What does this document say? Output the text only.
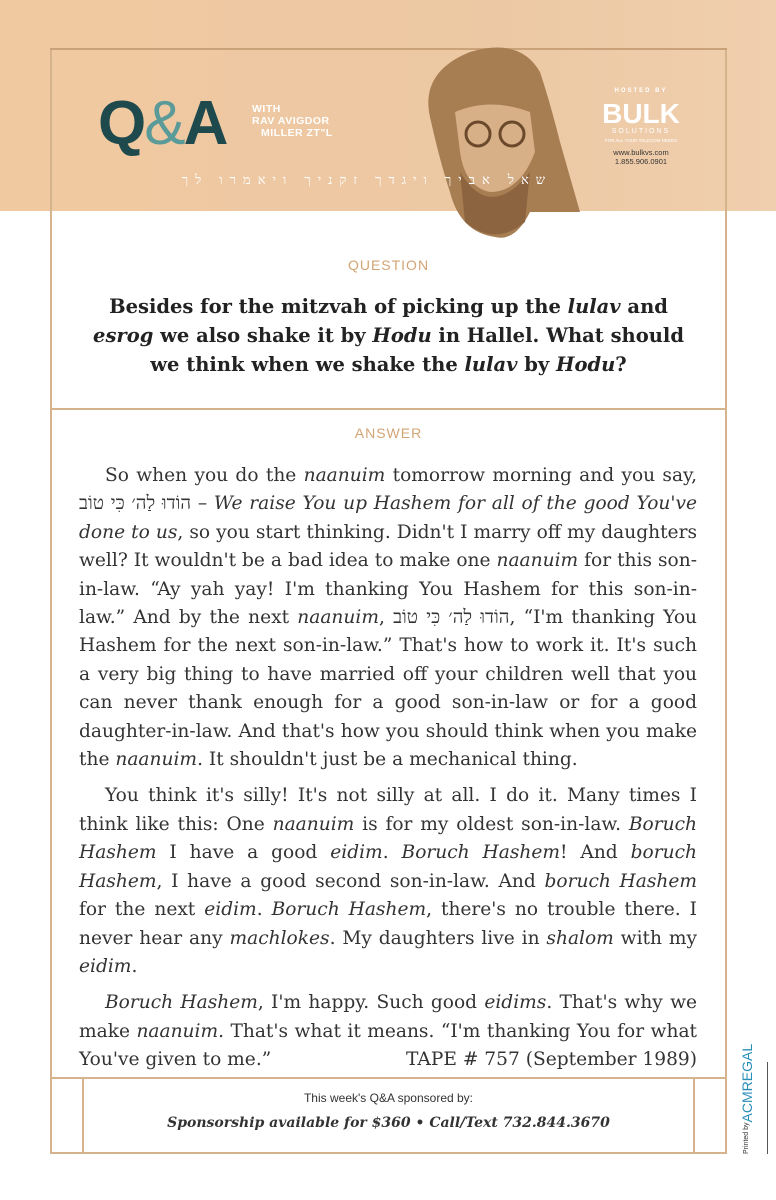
Q&A WITH
RAV AVIGDOR
MILLER ZT"L
שאל אביך ויגדך זקניך ויאמרו לך
HOSTED BY
BULK
SOLUTIONS
FOR ALL YOUR TELECOM NEEDS
www.bulkvs.com
1.855.906.0901
QUESTION
Besides for the mitzvah of picking up the lulav and esrog we also shake it by Hodu in Hallel. What should we think when we shake the lulav by Hodu?
ANSWER

So when you do the naanuim tomorrow morning and you say, הוֹדוּ לַה׳ כִּי טוֹב – We raise You up Hashem for all of the good You've done to us, so you start thinking. Didn't I marry off my daughters well? It wouldn't be a bad idea to make one naanuim for this son-in-law. “Ay yah yay! I'm thanking You Hashem for this son-in-law.” And by the next naanuim, הוֹדוּ לַה׳ כִּי טוֹב, “I'm thanking You Hashem for the next son-in-law.” That's how to work it. It's such a very big thing to have married off your children well that you can never thank enough for a good son-in-law or for a good daughter-in-law. And that's how you should think when you make the naanuim. It shouldn't just be a mechanical thing.

You think it's silly! It's not silly at all. I do it. Many times I think like this: One naanuim is for my oldest son-in-law. Boruch Hashem I have a good eidim. Boruch Hashem! And boruch Hashem, I have a good second son-in-law. And boruch Hashem for the next eidim. Boruch Hashem, there's no trouble there. I never hear any machlokes. My daughters live in shalom with my eidim.

Boruch Hashem, I'm happy. Such good eidims. That's why we make naanuim. That's what it means. “I'm thanking You for what You've given to me.”	TAPE # 757 (September 1989)

This week's Q&A sponsored by:
Sponsorship available for $360 • Call/Text 732.844.3670	Printed byACMREGAL
